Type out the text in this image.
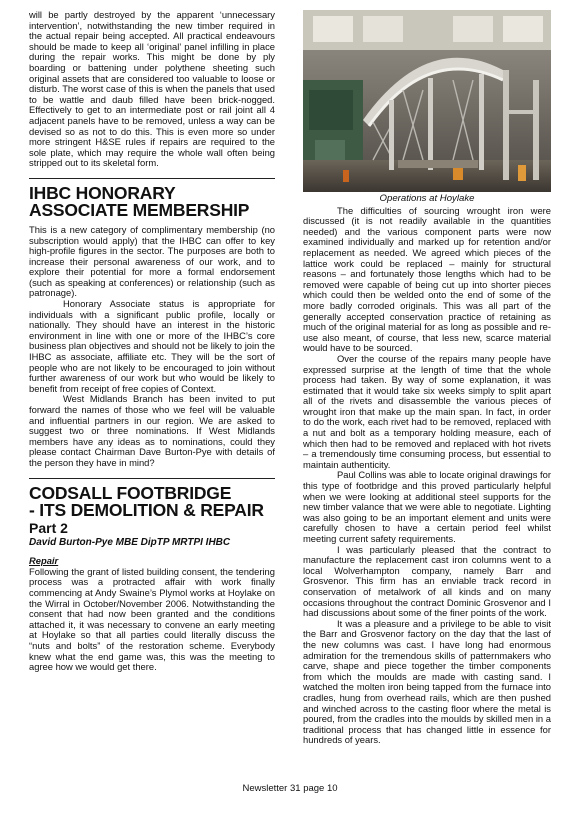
will be partly destroyed by the apparent ‘unnecessary intervention’, notwithstanding the new timber required in the actual repair being accepted. All practical endeavours should be made to keep all ‘original’ panel infilling in place during the repair works. This might be done by ply boarding or battening under polythene sheeting such original assets that are considered too valuable to loose or disturb. The worst case of this is when the panels that used to be wattle and daub filled have been brick-nogged. Effectively to get to an intermediate post or rail joint all 4 adjacent panels have to be removed, unless a way can be devised so as not to do this. This is even more so under more stringent H&SE rules if repairs are required to the sole plate, which may require the whole wall often being stripped out to its skeletal form.

IHBC HONORARY ASSOCIATE MEMBERSHIP

This is a new category of complimentary membership (no subscription would apply) that the IHBC can offer to key high-profile figures in the sector. The purposes are both to increase their personal awareness of our work, and to explore their potential for more a formal endorsement (such as speaking at conferences) or relationship (such as patronage).

Honorary Associate status is appropriate for individuals with a significant public profile, locally or nationally. They should have an interest in the historic environment in line with one or more of the IHBC’s core business plan objectives and should not be likely to join the IHBC as associate, affiliate etc. They will be the sort of people who are not likely to be encouraged to join without further awareness of our work but who would be likely to benefit from receipt of free copies of Context.

West Midlands Branch has been invited to put forward the names of those who we feel will be valuable and influential partners in our region. We are asked to suggest two or three nominations. If West Midlands members have any ideas as to nominations, could they please contact Chairman Dave Burton-Pye with details of the person they have in mind?

CODSALL FOOTBRIDGE
- ITS DEMOLITION & REPAIR
Part 2
David Burton-Pye MBE DipTP MRTPI IHBC
Repair

Following the grant of listed building consent, the tendering process was a protracted affair with work finally commencing at Andy Swaine’s Plymol works at Hoylake on the Wirral in October/November 2006. Notwithstanding the consent that had now been granted and the conditions attached it, it was necessary to convene an early meeting at Hoylake so that all parties could literally discuss the “nuts and bolts” of the restoration scheme. Everybody knew what the end game was, this was the meeting to agree how we would get there.

Operations at Hoylake

The difficulties of sourcing wrought iron were discussed (it is not readily available in the quantities needed) and the various component parts were now examined individually and marked up for retention and/or replacement as needed. We agreed which pieces of the lattice work could be replaced – mainly for structural reasons – and fortunately those lengths which had to be removed were capable of being cut up into shorter pieces which could then be welded onto the end of some of the more badly corroded originals. This was all part of the generally accepted conservation practice of retaining as much of the original material for as long as possible and re-use also meant, of course, that less new, scarce material would have to be sourced.

Over the course of the repairs many people have expressed surprise at the length of time that the whole process had taken. By way of some explanation, it was estimated that it would take six weeks simply to split apart all of the rivets and disassemble the various pieces of wrought iron that make up the main span. In fact, in order to do the work, each rivet had to be removed, replaced with a nut and bolt as a temporary holding measure, each of which then had to be removed and replaced with hot rivets – a tremendously time consuming process, but essential to maintain authenticity.

Paul Collins was able to locate original drawings for this type of footbridge and this proved particularly helpful when we were looking at additional steel supports for the new timber valance that we were able to negotiate. Lighting was also going to be an important element and units were carefully chosen to have a certain period feel whilst meeting current safety requirements.

I was particularly pleased that the contract to manufacture the replacement cast iron columns went to a local Wolverhampton company, namely Barr and Grosvenor. This firm has an enviable track record in conservation of metalwork of all kinds and on many occasions throughout the contract Dominic Grosvenor and I had discussions about some of the finer points of the work.

It was a pleasure and a privilege to be able to visit the Barr and Grosvenor factory on the day that the last of the new columns was cast. I have long had enormous admiration for the tremendous skills of patternmakers who carve, shape and piece together the timber components from which the moulds are made with casting sand. I watched the molten iron being tapped from the furnace into cradles, hung from overhead rails, which are then pushed and winched across to the casting floor where the metal is poured, from the cradles into the moulds by skilled men in a traditional process that has changed little in essence for hundreds of years.

Newsletter 31 page 10
